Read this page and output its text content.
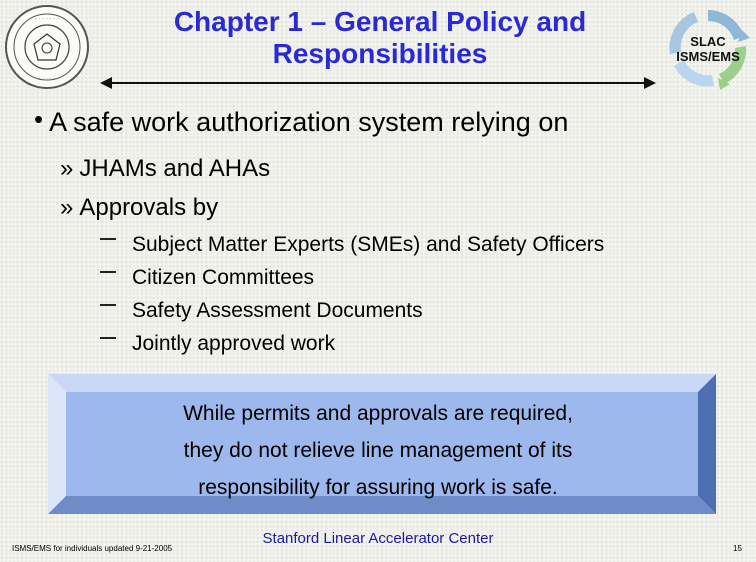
· · · · · · ·
· · · · ·
Chapter 1 – General Policy and
Responsibilities	SLAC
ISMS/EMS
• A safe work authorization system relying on
» JHAMs and AHAs
» Approvals by
Subject Matter Experts (SMEs) and Safety Officers
Citizen Committees
Safety Assessment Documents
Jointly approved work
While permits and approvals are required,
they do not relieve line management of its
responsibility for assuring work is safe.
ISMS/EMS for individuals updated 9-21-2005
Stanford Linear Accelerator Center
15
